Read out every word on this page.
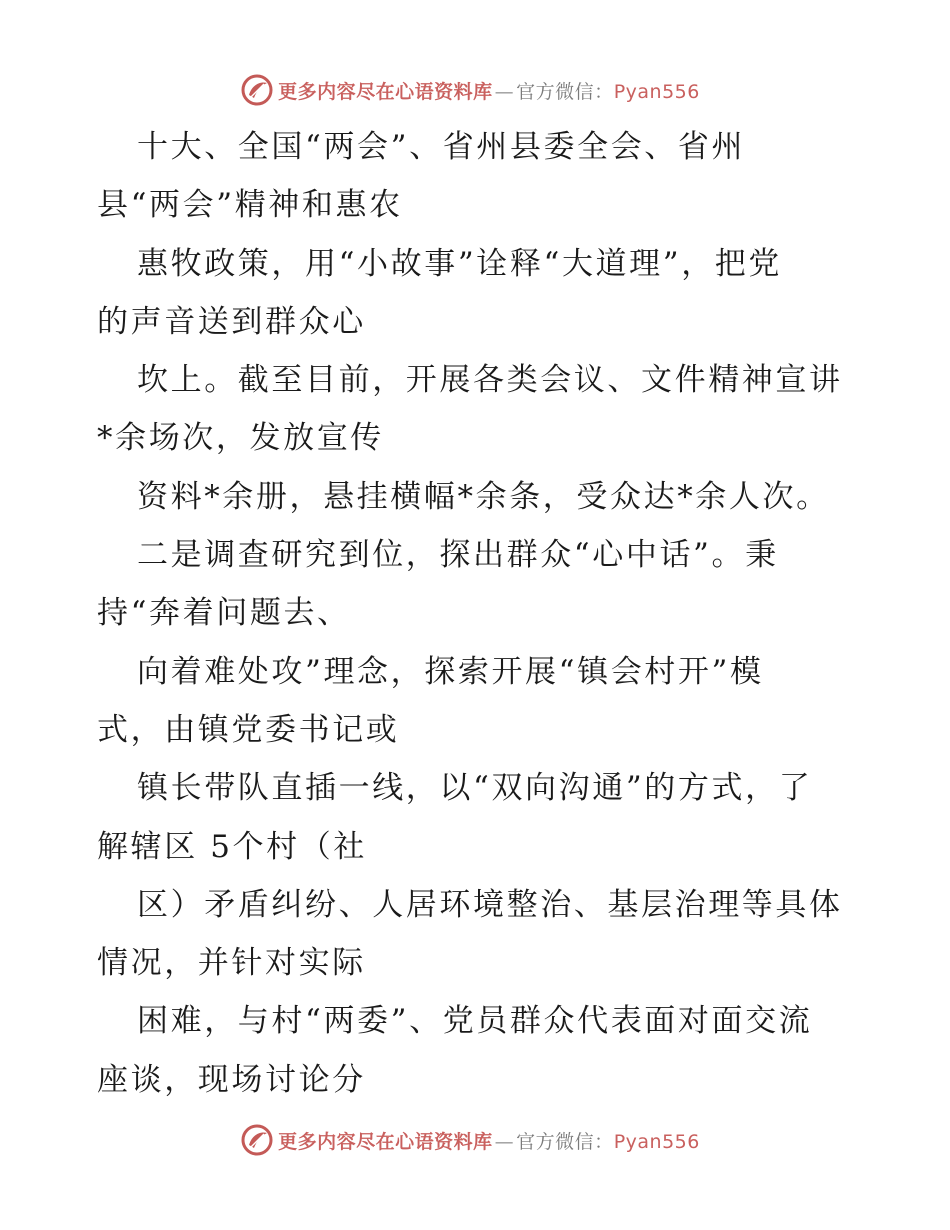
更多内容尽在心语资料库 — 官方微信：Pyan556
十大、全国“两会”、省州县委全会、省州
县“两会”精神和惠农
惠牧政策，用“小故事”诠释“大道理”，把党
的声音送到群众心
坎上。截至目前，开展各类会议、文件精神宣讲
*余场次，发放宣传
资料*余册，悬挂横幅*余条，受众达*余人次。
二是调查研究到位，探出群众“心中话”。秉
持“奔着问题去、
向着难处攻”理念，探索开展“镇会村开”模
式，由镇党委书记或
镇长带队直插一线，以“双向沟通”的方式，了
解辖区 5个村（社
区）矛盾纠纷、人居环境整治、基层治理等具体
情况，并针对实际
困难，与村“两委”、党员群众代表面对面交流
座谈，现场讨论分
更多内容尽在心语资料库 — 官方微信：Pyan556
